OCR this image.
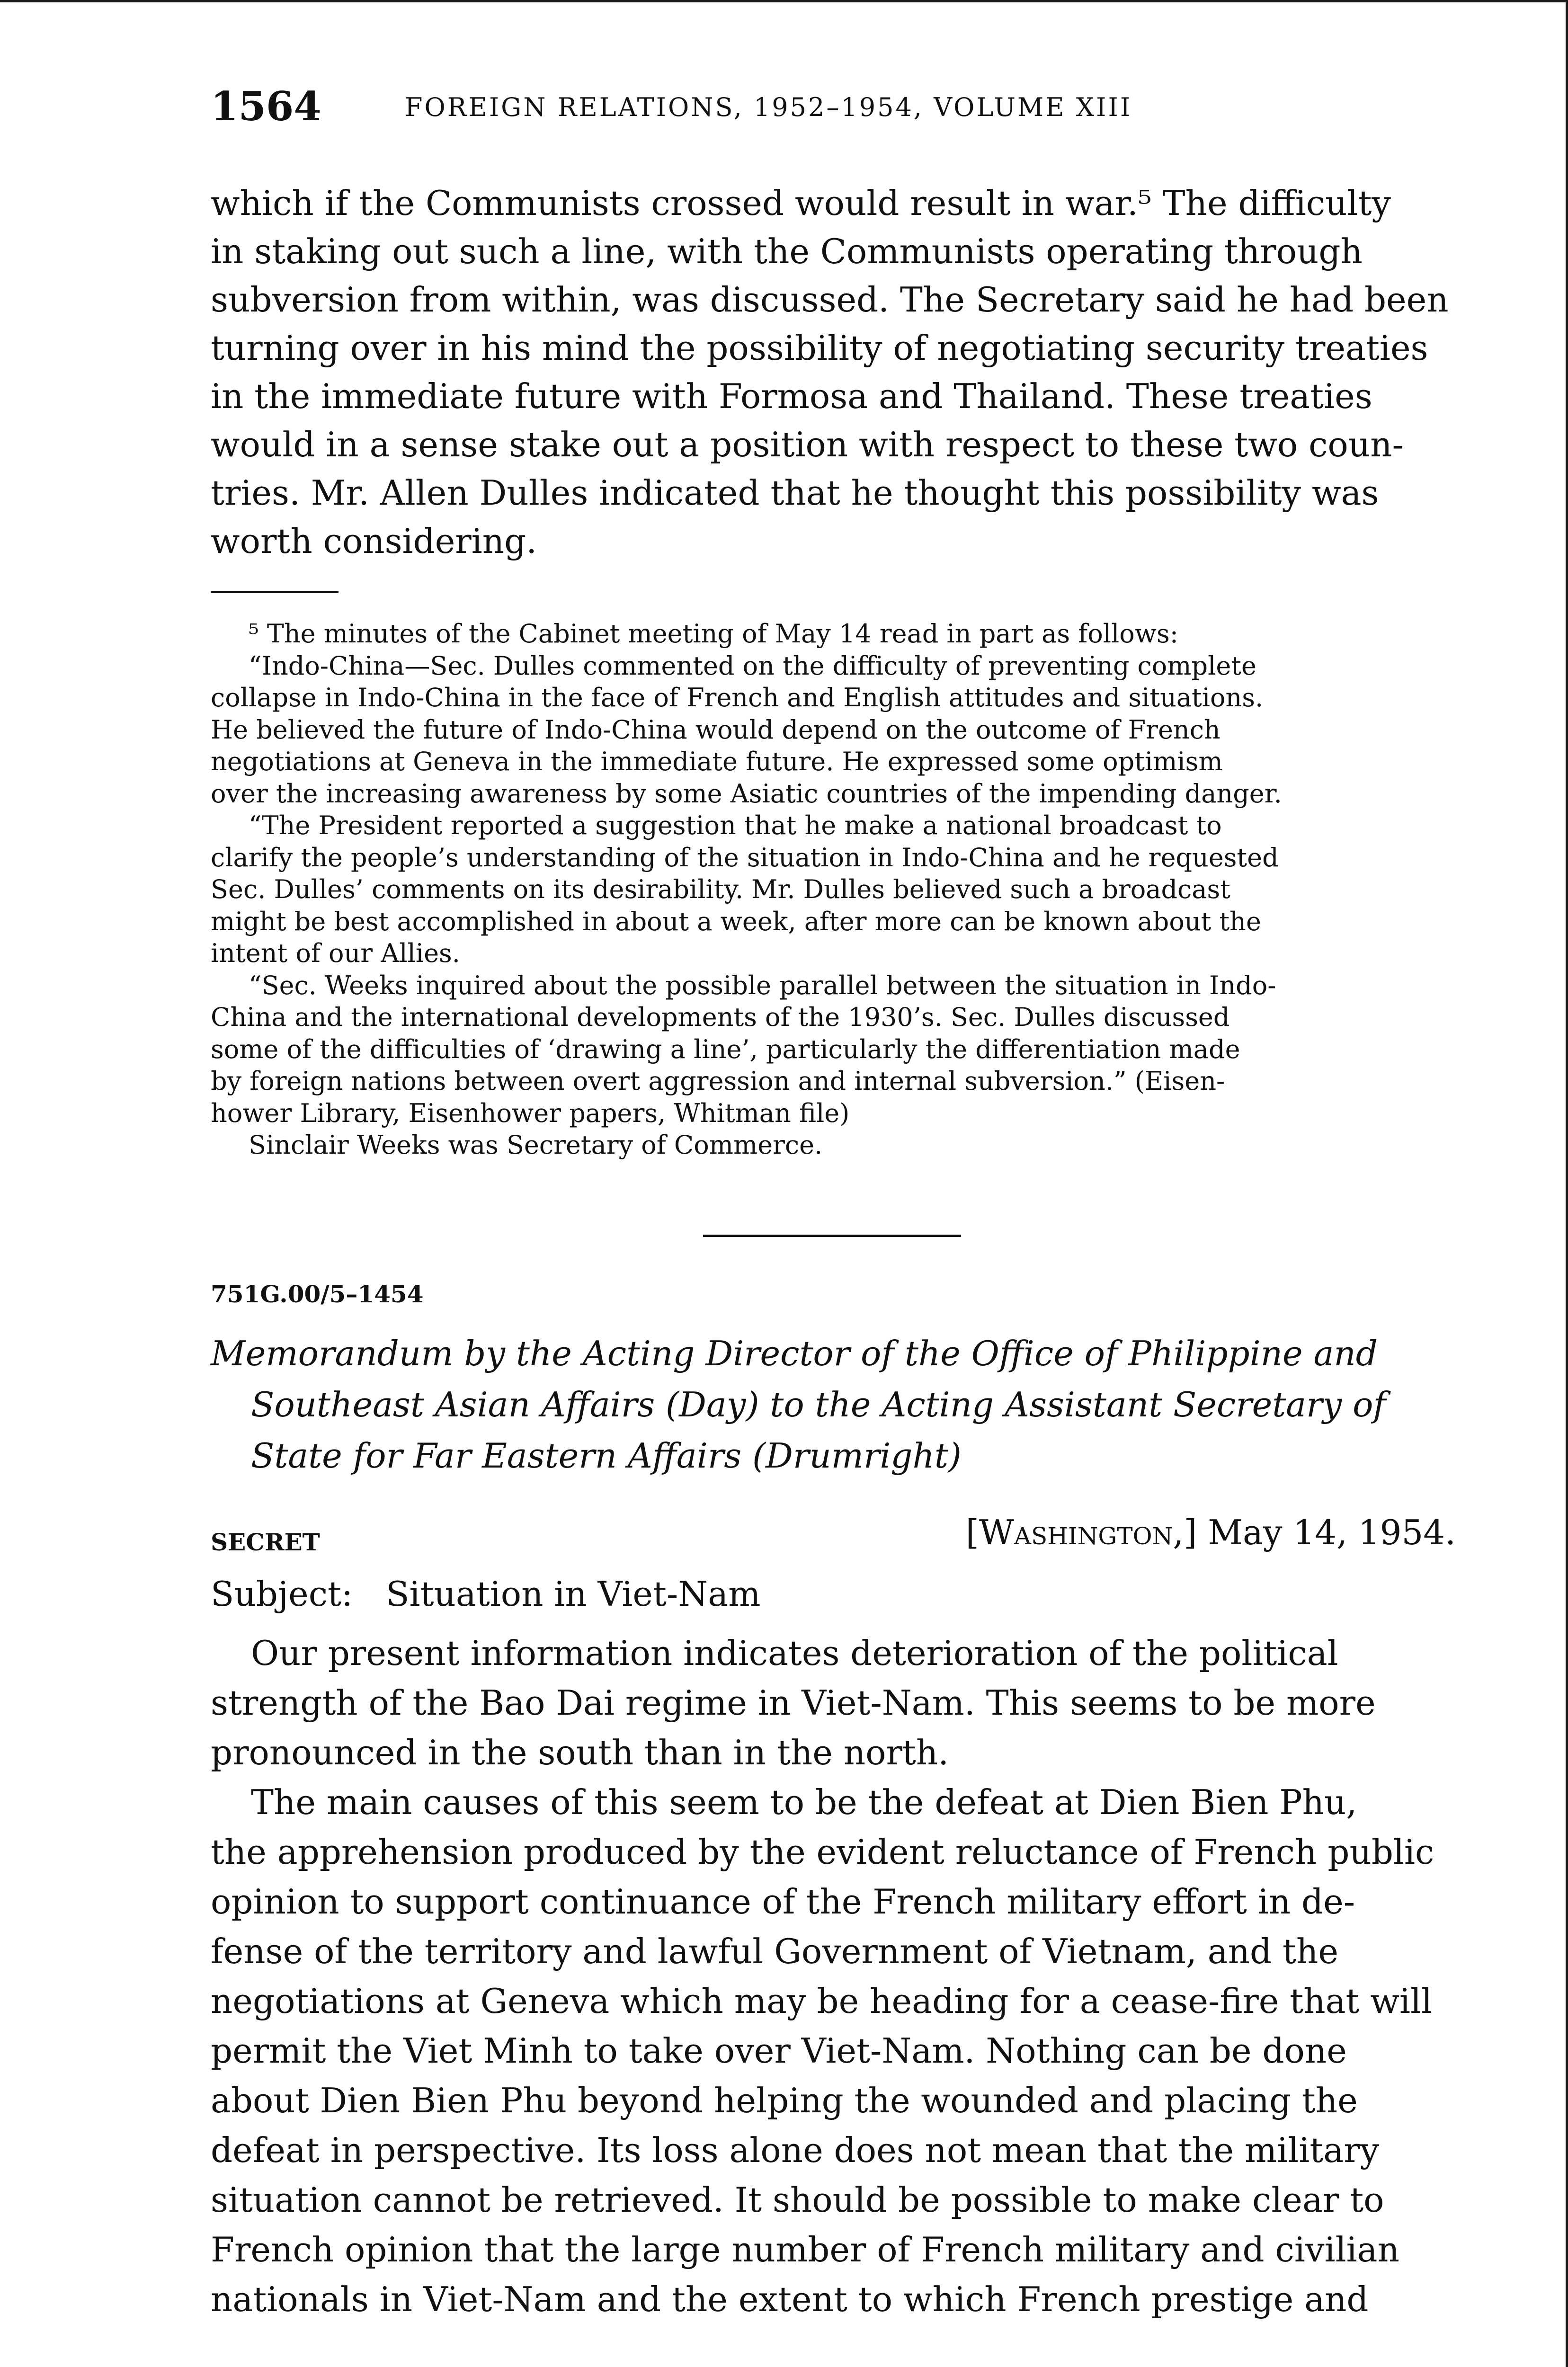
1564	FOREIGN RELATIONS, 1952–1954, VOLUME XIII
which if the Communists crossed would result in war.⁵ The difficulty
in staking out such a line, with the Communists operating through
subversion from within, was discussed. The Secretary said he had been
turning over in his mind the possibility of negotiating security treaties
in the immediate future with Formosa and Thailand. These treaties
would in a sense stake out a position with respect to these two coun-
tries. Mr. Allen Dulles indicated that he thought this possibility was
worth considering.
⁵ The minutes of the Cabinet meeting of May 14 read in part as follows:
“Indo-China—Sec. Dulles commented on the difficulty of preventing complete
collapse in Indo-China in the face of French and English attitudes and situations.
He believed the future of Indo-China would depend on the outcome of French
negotiations at Geneva in the immediate future. He expressed some optimism
over the increasing awareness by some Asiatic countries of the impending danger.
“The President reported a suggestion that he make a national broadcast to
clarify the people’s understanding of the situation in Indo-China and he requested
Sec. Dulles’ comments on its desirability. Mr. Dulles believed such a broadcast
might be best accomplished in about a week, after more can be known about the
intent of our Allies.
“Sec. Weeks inquired about the possible parallel between the situation in Indo-
China and the international developments of the 1930’s. Sec. Dulles discussed
some of the difficulties of ‘drawing a line’, particularly the differentiation made
by foreign nations between overt aggression and internal subversion.” (Eisen-
hower Library, Eisenhower papers, Whitman file)
Sinclair Weeks was Secretary of Commerce.
751G.00/5–1454
Memorandum by the Acting Director of the Office of Philippine and
Southeast Asian Affairs (Day) to the Acting Assistant Secretary of
State for Far Eastern Affairs (Drumright)
SECRET	[Washington,] May 14, 1954.
Subject: Situation in Viet-Nam
Our present information indicates deterioration of the political
strength of the Bao Dai regime in Viet-Nam. This seems to be more
pronounced in the south than in the north.
The main causes of this seem to be the defeat at Dien Bien Phu,
the apprehension produced by the evident reluctance of French public
opinion to support continuance of the French military effort in de-
fense of the territory and lawful Government of Vietnam, and the
negotiations at Geneva which may be heading for a cease-fire that will
permit the Viet Minh to take over Viet-Nam. Nothing can be done
about Dien Bien Phu beyond helping the wounded and placing the
defeat in perspective. Its loss alone does not mean that the military
situation cannot be retrieved. It should be possible to make clear to
French opinion that the large number of French military and civilian
nationals in Viet-Nam and the extent to which French prestige and
